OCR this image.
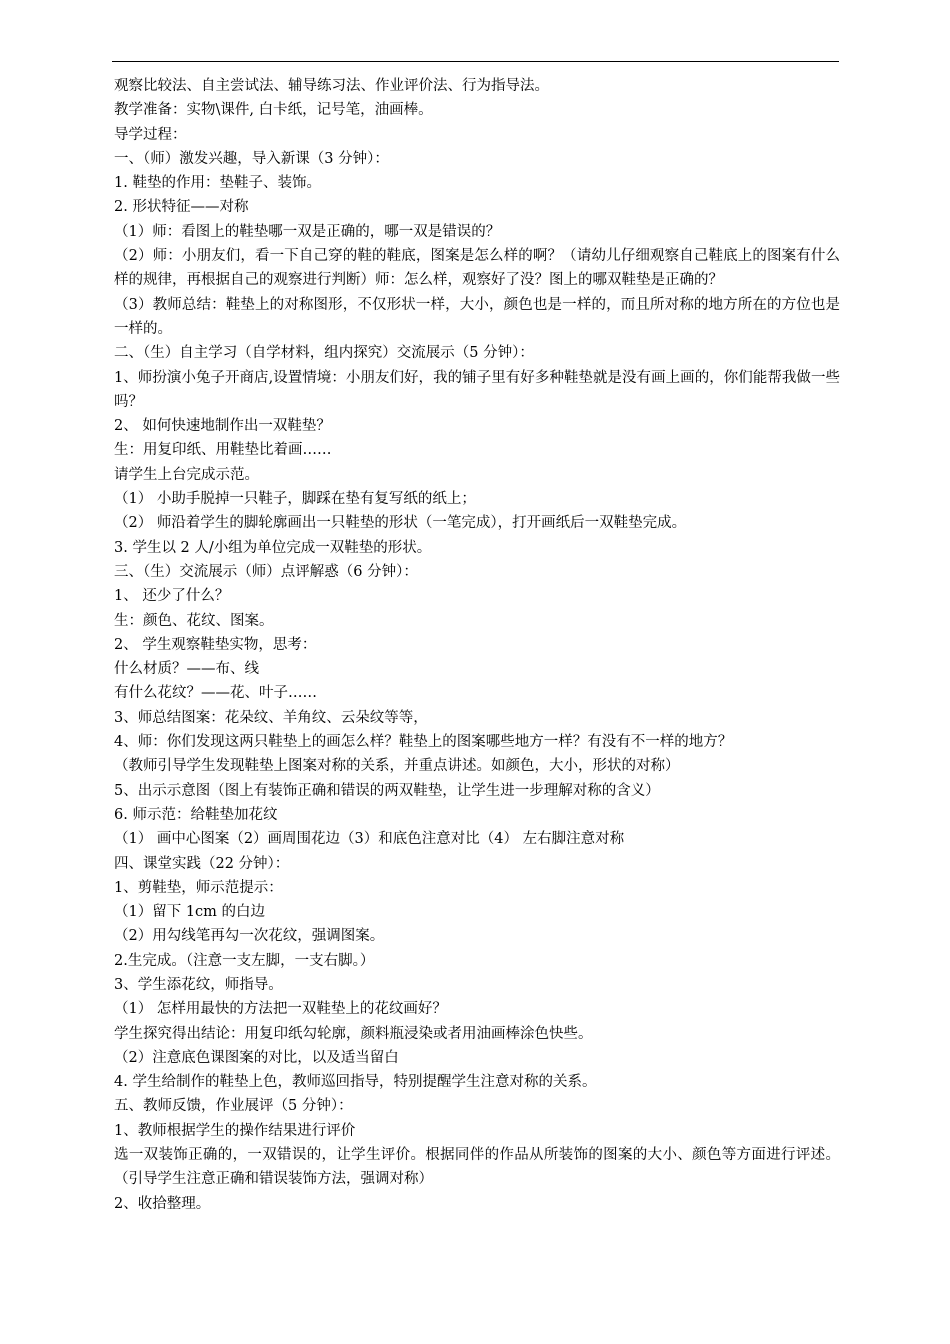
观察比较法、自主尝试法、辅导练习法、作业评价法、行为指导法。
教学准备：实物\课件, 白卡纸，记号笔，油画棒。
导学过程：
一、（师）激发兴趣，导入新课（3 分钟）：
1. 鞋垫的作用：垫鞋子、装饰。
2. 形状特征——对称
（1）师：看图上的鞋垫哪一双是正确的，哪一双是错误的？
（2）师：小朋友们，看一下自己穿的鞋的鞋底，图案是怎么样的啊？（请幼儿仔细观察自己鞋底上的图案有什么样的规律，再根据自己的观察进行判断）师：怎么样，观察好了没？图上的哪双鞋垫是正确的？
（3）教师总结：鞋垫上的对称图形，不仅形状一样，大小，颜色也是一样的，而且所对称的地方所在的方位也是一样的。
二、（生）自主学习（自学材料，组内探究）交流展示（5 分钟）：
1、师扮演小兔子开商店,设置情境：小朋友们好，我的铺子里有好多种鞋垫就是没有画上画的，你们能帮我做一些吗？
2、 如何快速地制作出一双鞋垫？
生：用复印纸、用鞋垫比着画……
请学生上台完成示范。
（1） 小助手脱掉一只鞋子，脚踩在垫有复写纸的纸上；
（2） 师沿着学生的脚轮廓画出一只鞋垫的形状（一笔完成），打开画纸后一双鞋垫完成。
3. 学生以 2 人/小组为单位完成一双鞋垫的形状。
三、（生）交流展示（师）点评解惑（6 分钟）：
1、 还少了什么？
生：颜色、花纹、图案。
2、 学生观察鞋垫实物，思考：
什么材质？——布、线
有什么花纹？——花、叶子……
3、师总结图案：花朵纹、羊角纹、云朵纹等等，
4、师：你们发现这两只鞋垫上的画怎么样？鞋垫上的图案哪些地方一样？有没有不一样的地方？
（教师引导学生发现鞋垫上图案对称的关系，并重点讲述。如颜色，大小，形状的对称）
5、出示示意图（图上有装饰正确和错误的两双鞋垫，让学生进一步理解对称的含义）
6. 师示范：给鞋垫加花纹
（1） 画中心图案（2）画周围花边（3）和底色注意对比（4） 左右脚注意对称
四、课堂实践（22 分钟）：
1、剪鞋垫，师示范提示：
（1）留下 1cm 的白边
（2）用勾线笔再勾一次花纹，强调图案。
2.生完成。（注意一支左脚，一支右脚。）
3、学生添花纹，师指导。
（1） 怎样用最快的方法把一双鞋垫上的花纹画好？
学生探究得出结论：用复印纸勾轮廓，颜料瓶浸染或者用油画棒涂色快些。
（2）注意底色课图案的对比，以及适当留白
4. 学生给制作的鞋垫上色，教师巡回指导，特别提醒学生注意对称的关系。
五、教师反馈，作业展评（5 分钟）：
1、教师根据学生的操作结果进行评价
选一双装饰正确的，一双错误的，让学生评价。根据同伴的作品从所装饰的图案的大小、颜色等方面进行评述。（引导学生注意正确和错误装饰方法，强调对称）
2、收拾整理。
